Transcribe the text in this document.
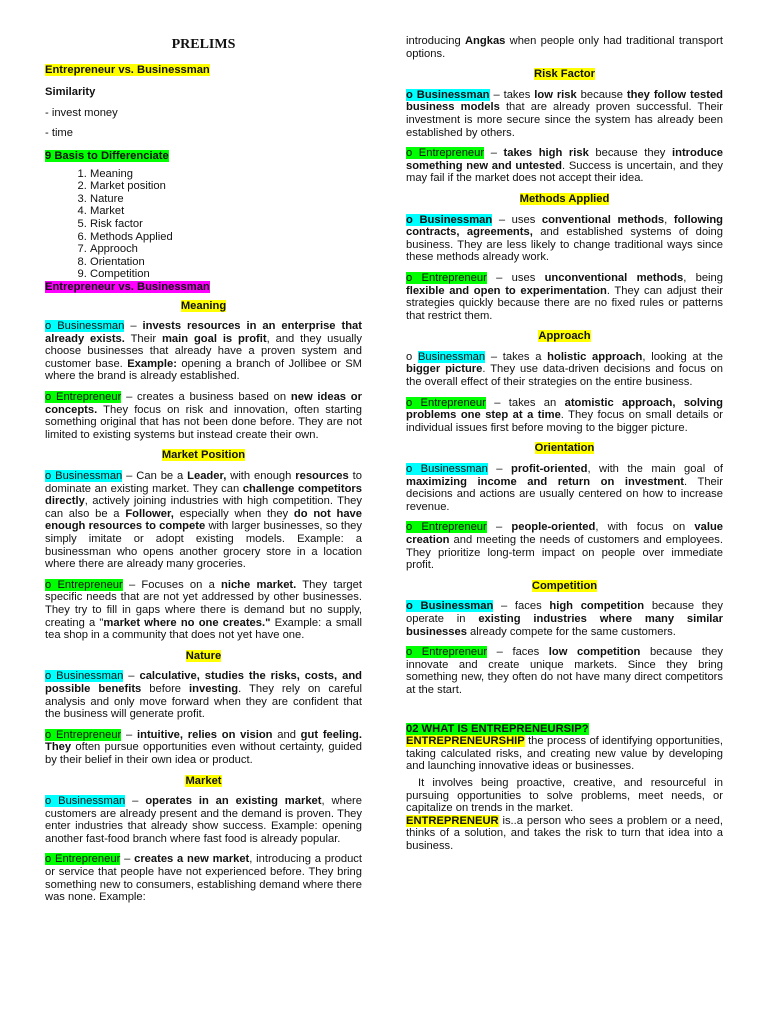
PRELIMS

Entrepreneur vs. Businessman

Similarity

- invest money

- time

9 Basis to Differenciate

1. Meaning
2. Market position
3. Nature
4. Market
5. Risk factor
6. Methods Applied
7. Approoch
8. Orientation
9. Competition

Entrepreneur vs. Businessman

Meaning

o Businessman – invests resources in an enterprise that already exists. Their main goal is profit, and they usually choose businesses that already have a proven system and customer base. Example: opening a branch of Jollibee or SM where the brand is already established.

o Entrepreneur – creates a business based on new ideas or concepts. They focus on risk and innovation, often starting something original that has not been done before. They are not limited to existing systems but instead create their own.

Market Position

o Businessman – Can be a Leader, with enough resources to dominate an existing market. They can challenge competitors directly, actively joining industries with high competition. They can also be a Follower, especially when they do not have enough resources to compete with larger businesses, so they simply imitate or adopt existing models. Example: a businessman who opens another grocery store in a location where there are already many groceries.

o Entrepreneur – Focuses on a niche market. They target specific needs that are not yet addressed by other businesses. They try to fill in gaps where there is demand but no supply, creating a "market where no one creates." Example: a small tea shop in a community that does not yet have one.

Nature

o Businessman – calculative, studies the risks, costs, and possible benefits before investing. They rely on careful analysis and only move forward when they are confident that the business will generate profit.

o Entrepreneur – intuitive, relies on vision and gut feeling. They often pursue opportunities even without certainty, guided by their belief in their own idea or product.

Market

o Businessman – operates in an existing market, where customers are already present and the demand is proven. They enter industries that already show success. Example: opening another fast-food branch where fast food is already popular.

o Entrepreneur – creates a new market, introducing a product or service that people have not experienced before. They bring something new to consumers, establishing demand where there was none. Example:

introducing Angkas when people only had traditional transport options.

Risk Factor

o Businessman – takes low risk because they follow tested business models that are already proven successful. Their investment is more secure since the system has already been established by others.

o Entrepreneur – takes high risk because they introduce something new and untested. Success is uncertain, and they may fail if the market does not accept their idea.

Methods Applied

o Businessman – uses conventional methods, following contracts, agreements, and established systems of doing business. They are less likely to change traditional ways since these methods already work.

o Entrepreneur – uses unconventional methods, being flexible and open to experimentation. They can adjust their strategies quickly because there are no fixed rules or patterns that restrict them.

Approach

o Businessman – takes a holistic approach, looking at the bigger picture. They use data-driven decisions and focus on the overall effect of their strategies on the entire business.

o Entrepreneur – takes an atomistic approach, solving problems one step at a time. They focus on small details or individual issues first before moving to the bigger picture.

Orientation

o Businessman – profit-oriented, with the main goal of maximizing income and return on investment. Their decisions and actions are usually centered on how to increase revenue.

o Entrepreneur – people-oriented, with focus on value creation and meeting the needs of customers and employees. They prioritize long-term impact on people over immediate profit.

Competition

o Businessman – faces high competition because they operate in existing industries where many similar businesses already compete for the same customers.

o Entrepreneur – faces low competition because they innovate and create unique markets. Since they bring something new, they often do not have many direct competitors at the start.

02 WHAT IS ENTREPRENEURSIP?

ENTREPRENEURSHIP the process of identifying opportunities, taking calculated risks, and creating new value by developing and launching innovative ideas or businesses.

It involves being proactive, creative, and resourceful in pursuing opportunities to solve problems, meet needs, or capitalize on trends in the market.

ENTREPRENEUR is..a person who sees a problem or a need, thinks of a solution, and takes the risk to turn that idea into a business.
